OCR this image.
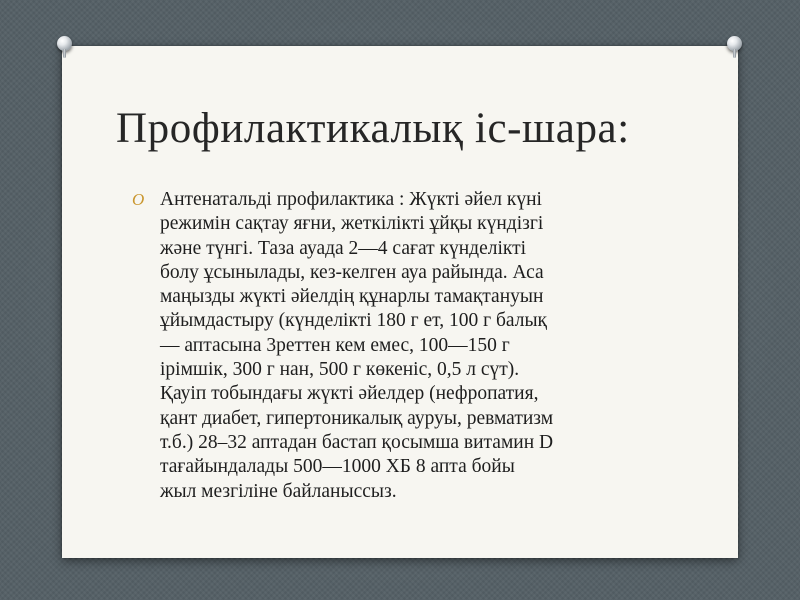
Профилактикалық іс-шара:
O Антенатальді профилактика : Жүкті әйел күні
режимін сақтау яғни, жеткілікті ұйқы күндізгі
және түнгі. Таза ауада 2—4 сағат күнделікті
болу ұсынылады, кез-келген ауа райында. Аса
маңызды жүкті әйелдің құнарлы тамақтануын
ұйымдастыру (күнделікті 180 г ет, 100 г балық
— аптасына 3реттен кем емес, 100—150 г
ірімшік, 300 г нан, 500 г көкеніс, 0,5 л сүт).
Қауіп тобындағы жүкті әйелдер (нефропатия,
қант диабет, гипертоникалық ауруы, ревматизм
т.б.) 28–32 аптадан бастап қосымша витамин D
тағайындалады 500—1000 ХБ 8 апта бойы
жыл мезгіліне байланыссыз.
